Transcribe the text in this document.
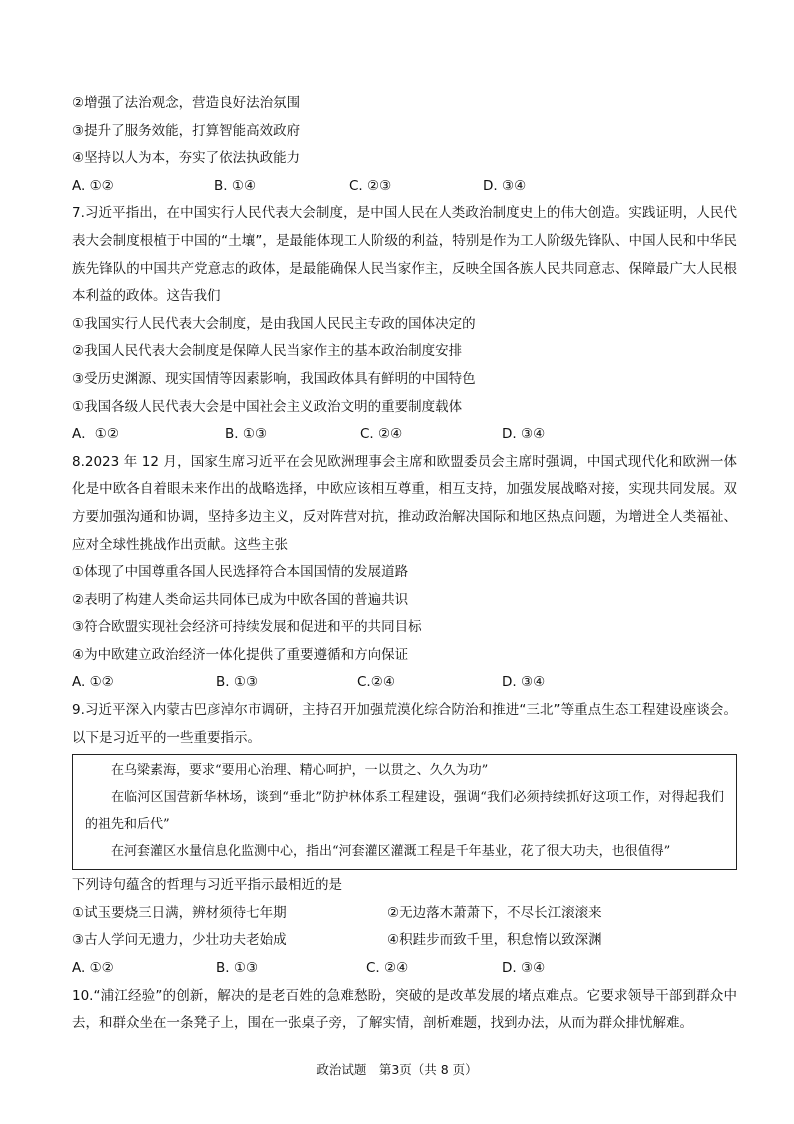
②增强了法治观念，营造良好法治氛围
③提升了服务效能，打算智能高效政府
④坚持以人为本，夯实了依法执政能力
A. ①②	B. ①④	C. ②③	D. ③④
7.习近平指出，在中国实行人民代表大会制度，是中国人民在人类政治制度史上的伟大创造。实践证明，人民代表大会制度根植于中国的“土壤”，是最能体现工人阶级的利益，特别是作为工人阶级先锋队、中国人民和中华民族先锋队的中国共产党意志的政体，是最能确保人民当家作主，反映全国各族人民共同意志、保障最广大人民根本利益的政体。这告我们
①我国实行人民代表大会制度，是由我国人民民主专政的国体决定的
②我国人民代表大会制度是保障人民当家作主的基本政治制度安排
③受历史渊源、现实国情等因素影响，我国政体具有鲜明的中国特色
①我国各级人民代表大会是中国社会主义政治文明的重要制度载体
A．①②	B. ①③	C. ②④	D. ③④
8.2023 年 12 月，国家生席习近平在会见欧洲理事会主席和欧盟委员会主席时强调，中国式现代化和欧洲一体化是中欧各自着眼未来作出的战略选择，中欧应该相互尊重，相互支持，加强发展战略对接，实现共同发展。双方要加强沟通和协调，坚持多边主义，反对阵营对抗，推动政治解决国际和地区热点问题，为增进全人类福祉、应对全球性挑战作出贡献。这些主张
①体现了中国尊重各国人民选择符合本国国情的发展道路
②表明了构建人类命运共同体已成为中欧各国的普遍共识
③符合欧盟实现社会经济可持续发展和促进和平的共同目标
④为中欧建立政治经济一体化提供了重要遵循和方向保证
A. ①②	B. ①③	C.②④	D. ③④
9.习近平深入内蒙古巴彦淖尔市调研，主持召开加强荒漠化综合防治和推进“三北”等重点生态工程建设座谈会。以下是习近平的一些重要指示。
在乌梁素海，要求“要用心治理、精心呵护，一以贯之、久久为功”
在临河区国营新华林场，谈到“垂北”防护林体系工程建设，强调“我们必须持续抓好这项工作，对得起我们的祖先和后代”
在河套灌区水量信息化监测中心，指出“河套灌区灌溉工程是千年基业，花了很大功夫，也很值得”
下列诗句蕴含的哲理与习近平指示最相近的是
①试玉要烧三日满，辨材须待七年期	②无边落木萧萧下，不尽长江滚滚来
③古人学问无遗力，少壮功夫老始成	④积跬步而致千里，积怠惰以致深渊
A. ①②	B. ①③	C. ②④	D. ③④
10.“浦江经验”的创新，解决的是老百姓的急难愁盼，突破的是改革发展的堵点难点。它要求领导干部到群众中去，和群众坐在一条凳子上，围在一张桌子旁，了解实情，剖析难题，找到办法，从而为群众排忧解难。
政治试题　第3页（共 8 页）
